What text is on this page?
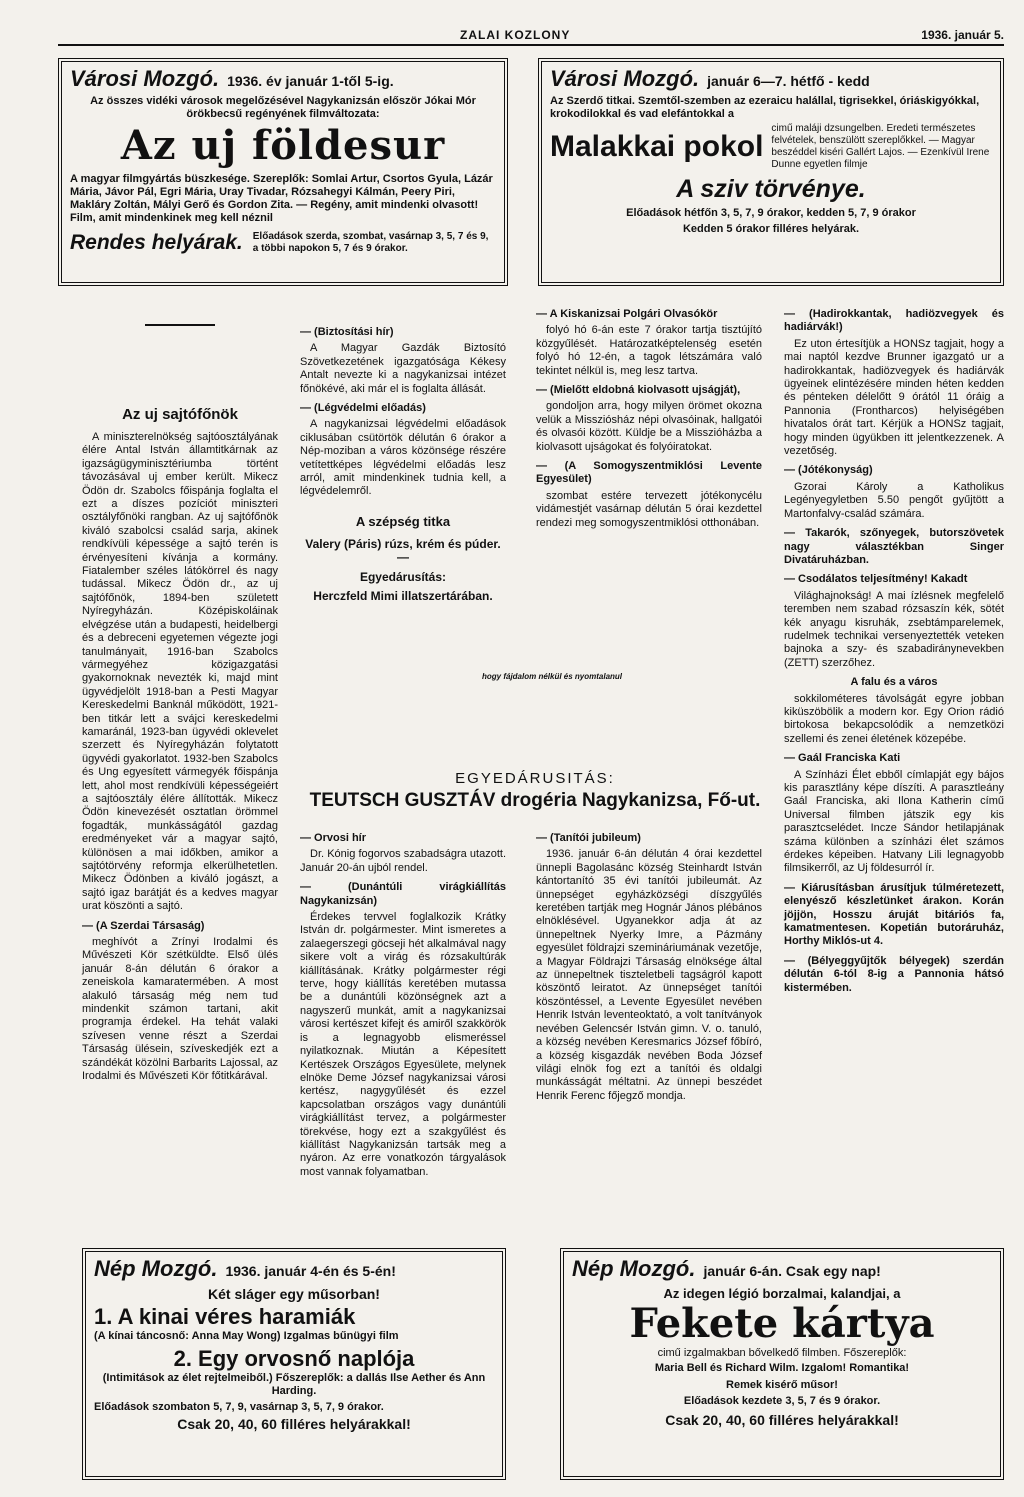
ZALAI KOZLONY	1936. január 5.
Városi Mozgó. 1936. év január 1-től 5-ig.
Az összes vidéki városok megelőzésével Nagykanizsán először Jókai Mór örökbecsű regényének filmváltozata:
Az uj földesur
A magyar filmgyártás büszkesége. Szereplők: Somlai Artur, Csortos Gyula, Lázár Mária, Jávor Pál, Egri Mária, Uray Tivadar, Rózsahegyi Kálmán, Peery Piri, Makláry Zoltán, Mályi Gerő és Gordon Zita. — Regény, amit mindenki olvasott! Film, amit mindenkinek meg kell néznil
Rendes helyárak. Előadások szerda, szombat, vasárnap 3, 5, 7 és 9, a többi napokon 5, 7 és 9 órakor.
Városi Mozgó. január 6—7. hétfő - kedd
Az Szerdő titkai. Szemtől-szemben az ezeraicu halállal, tigrisekkel, óriáskigyókkal, krokodilokkal és vad elefántokkal a
Malakkai pokol
cimű maláji dzsungelben. Eredeti természetes felvételek, benszülött szereplőkkel. — Magyar beszéddel kiséri Gallért Lajos. — Ezenkívül Irene Dunne egyetlen filmje
A sziv törvénye.
Előadások hétfőn 3, 5, 7, 9 órakor, kedden 5, 7, 9 órakor
Kedden 5 órakor filléres helyárak.
Az uj sajtófőnök

A miniszterelnökség sajtóosztályának élére Antal István államtitkárnak az igazságügyminisztériumba történt távozásával uj ember került. Mikecz Ödön dr. Szabolcs főispánja foglalta el ezt a díszes pozíciót miniszteri osztályfőnöki rangban. Az uj sajtófőnök kiváló szabolcsi család sarja, akinek rendkívüli képessége a sajtó terén is érvényesíteni kívánja a kormány. Fiatalember széles látókörrel és nagy tudással. Mikecz Ödön dr., az uj sajtófőnök, 1894-ben született Nyíregyházán. Középiskoláinak elvégzése után a budapesti, heidelbergi és a debreceni egyetemen végezte jogi tanulmányait, 1916-ban Szabolcs vármegyéhez közigazgatási gyakornoknak nevezték ki, majd mint ügyvédjelölt 1918-ban a Pesti Magyar Kereskedelmi Banknál működött, 1921-ben titkár lett a svájci kereskedelmi kamaránál, 1923-ban ügyvédi oklevelet szerzett és Nyíregyházán folytatott ügyvédi gyakorlatot. 1932-ben Szabolcs és Ung egyesített vármegyék főispánja lett, ahol most rendkívüli képességeiért a sajtóosztály élére állították. Mikecz Ödön kinevezését osztatlan örömmel fogadták, munkásságától gazdag eredményeket vár a magyar sajtó, különösen a mai időkben, amikor a sajtótörvény reformja elkerülhetetlen. Mikecz Ödönben a kiváló jogászt, a sajtó igaz barátját és a kedves magyar urat köszönti a sajtó.

— (A Szerdai Társaság)

meghívót a Zrínyi Irodalmi és Művészeti Kör szétküldte. Első ülés január 8-án délután 6 órakor a zeneiskola kamaratermében. A most alakuló társaság még nem tud mindenkit számon tartani, akit programja érdekel. Ha tehát valaki szívesen venne részt a Szerdai Társaság ülésein, szíveskedjék ezt a szándékát közölni Barbarits Lajossal, az Irodalmi és Művészeti Kör főtitkárával.

— (Biztosítási hír)

A Magyar Gazdák Biztosító Szövetkezetének igazgatósága Kékesy Antalt nevezte ki a nagykanizsai intézet főnökévé, aki már el is foglalta állását.

— (Légvédelmi előadás)

A nagykanizsai légvédelmi előadások ciklusában csütörtök délután 6 órakor a Nép-moziban a város közönsége részére vetítettképes légvédelmi előadás lesz arról, amit mindenkinek tudnia kell, a légvédelemről.

A szépség titka

Valery (Páris) rúzs, krém és púder. —

Egyedárusítás:

Herczfeld Mimi illatszertárában.

— A Kiskanizsai Polgári Olvasókör

folyó hó 6-án este 7 órakor tartja tisztújító közgyűlését. Határozatképtelenség esetén folyó hó 12-én, a tagok létszámára való tekintet nélkül is, meg lesz tartva.

— (Mielőtt eldobná kiolvasott ujságját),

gondoljon arra, hogy milyen örömet okozna velük a Missziósház népi olvasóinak, hallgatói és olvasói között. Küldje be a Misszióházba a kiolvasott ujságokat és folyóiratokat.

— (A Somogyszentmiklósi Levente Egyesület)

szombat estére tervezett jótékonycélu vidámestjét vasárnap délután 5 órai kezdettel rendezi meg somogyszentmiklósi otthonában.

hogy fájdalom nélkül és nyomtalanul
EGYEDÁRUSITÁS:
TEUTSCH GUSZTÁV drogéria Nagykanizsa, Fő-ut.

— Orvosi hír

Dr. Kónig fogorvos szabadságra utazott. Január 20-án ujból rendel.

— (Dunántúli virágkiállítás Nagykanizsán)

Érdekes tervvel foglalkozik Krátky István dr. polgármester. Mint ismeretes a zalaegerszegi göcseji hét alkalmával nagy sikere volt a virág és rózsakultúrák kiállításának. Krátky polgármester régi terve, hogy kiállítás keretében mutassa be a dunántúli közönségnek azt a nagyszerű munkát, amit a nagykanizsai városi kertészet kifejt és amiről szakkörök is a legnagyobb elismeréssel nyilatkoznak. Miután a Képesített Kertészek Országos Egyesülete, melynek elnöke Deme József nagykanizsai városi kertész, nagygyűlését és ezzel kapcsolatban országos vagy dunántúli virágkiállítást tervez, a polgármester törekvése, hogy ezt a szakgyűlést és kiállítást Nagykanizsán tartsák meg a nyáron. Az erre vonatkozón tárgyalások most vannak folyamatban.

— (Tanítói jubileum)

1936. január 6-án délután 4 órai kezdettel ünnepli Bagolasánc község Steinhardt István kántortanító 35 évi tanítói jubileumát. Az ünnepséget egyházközségi díszgyűlés keretében tartják meg Hognár János plébános elnöklésével. Ugyanekkor adja át az ünnepeltnek Nyerky Imre, a Pázmány egyesület földrajzi szemináriumának vezetője, a Magyar Földrajzi Társaság elnöksége által az ünnepeltnek tiszteletbeli tagságról kapott köszöntő leiratot. Az ünnepséget tanítói köszöntéssel, a Levente Egyesület nevében Henrik István leventeoktató, a volt tanítványok nevében Gelencsér István gimn. V. o. tanuló, a község nevében Keresmarics József főbíró, a község kisgazdák nevében Boda József világi elnök fog ezt a tanítói és oldalgi munkásságát méltatni. Az ünnepi beszédet Henrik Ferenc főjegző mondja.

— (Hadirokkantak, hadiözvegyek és hadiárvák!)

Ez uton értesítjük a HONSz tagjait, hogy a mai naptól kezdve Brunner igazgató ur a hadirokkantak, hadiözvegyek és hadiárvák ügyeinek elintézésére minden héten kedden és pénteken délelőtt 9 órától 11 óráig a Pannonia (Frontharcos) helyiségében hivatalos órát tart. Kérjük a HONSz tagjait, hogy minden ügyükben itt jelentkezzenek. A vezetőség.

— (Jótékonyság)

Gzorai Károly a Katholikus Legényegyletben 5.50 pengőt gyűjtött a Martonfalvy-család számára.

— Takarók, szőnyegek, butorszövetek nagy választékban Singer Divatáruházban.

— Csodálatos teljesítmény! Kakadt

Világhajnokság! A mai ízlésnek megfelelő teremben nem szabad rózsaszín kék, sötét kék anyagu kisruhák, zsebtámparelemek, rudelmek technikai versenyeztették veteken bajnoka a szy- és szabadiránynevekben (ZETT) szerzőhez.

A falu és a város

sokkilométeres távolságát egyre jobban kiküszöbölik a modern kor. Egy Orion rádió birtokosa bekapcsolódik a nemzetközi szellemi és zenei életének közepébe.

— Gaál Franciska Kati

A Színházi Élet ebből címlapját egy bájos kis parasztlány képe díszíti. A parasztleány Gaál Franciska, aki Ilona Katherin című Universal filmben játszik egy kis parasztcselédet. Incze Sándor hetilapjának száma különben a színházi élet számos érdekes képeiben. Hatvany Lili legnagyobb filmsikerről, az Uj földesurról ír.

— Kiárusításban árusítjuk túlméretezett, elenyésző készletünket árakon. Korán jöjjön, Hosszu áruját bitáriós fa, kamatmentesen. Kopetián butoráruház, Horthy Miklós-ut 4.

— (Bélyeggyűjtők bélyegek) szerdán délután 6-tól 8-ig a Pannonia hátsó kistermében.

Nép Mozgó. 1936. január 4-én és 5-én!
Két sláger egy műsorban!
1. A kinai véres haramiák
(A kínai táncosnő: Anna May Wong) Izgalmas bűnügyi film
2. Egy orvosnő naplója
(Intimitások az élet rejtelmeiből.) Főszereplők: a dallás Ilse Aether és Ann Harding.
Előadások szombaton 5, 7, 9, vasárnap 3, 5, 7, 9 órakor.
Csak 20, 40, 60 filléres helyárakkal!
Nép Mozgó. január 6-án. Csak egy nap!
Az idegen légió borzalmai, kalandjai, a
Fekete kártya
cimű izgalmakban bővelkedő filmben. Főszereplők:
Maria Bell és Richard Wilm. Izgalom! Romantika!
Remek kisérő műsor!
Előadások kezdete 3, 5, 7 és 9 órakor.
Csak 20, 40, 60 filléres helyárakkal!
